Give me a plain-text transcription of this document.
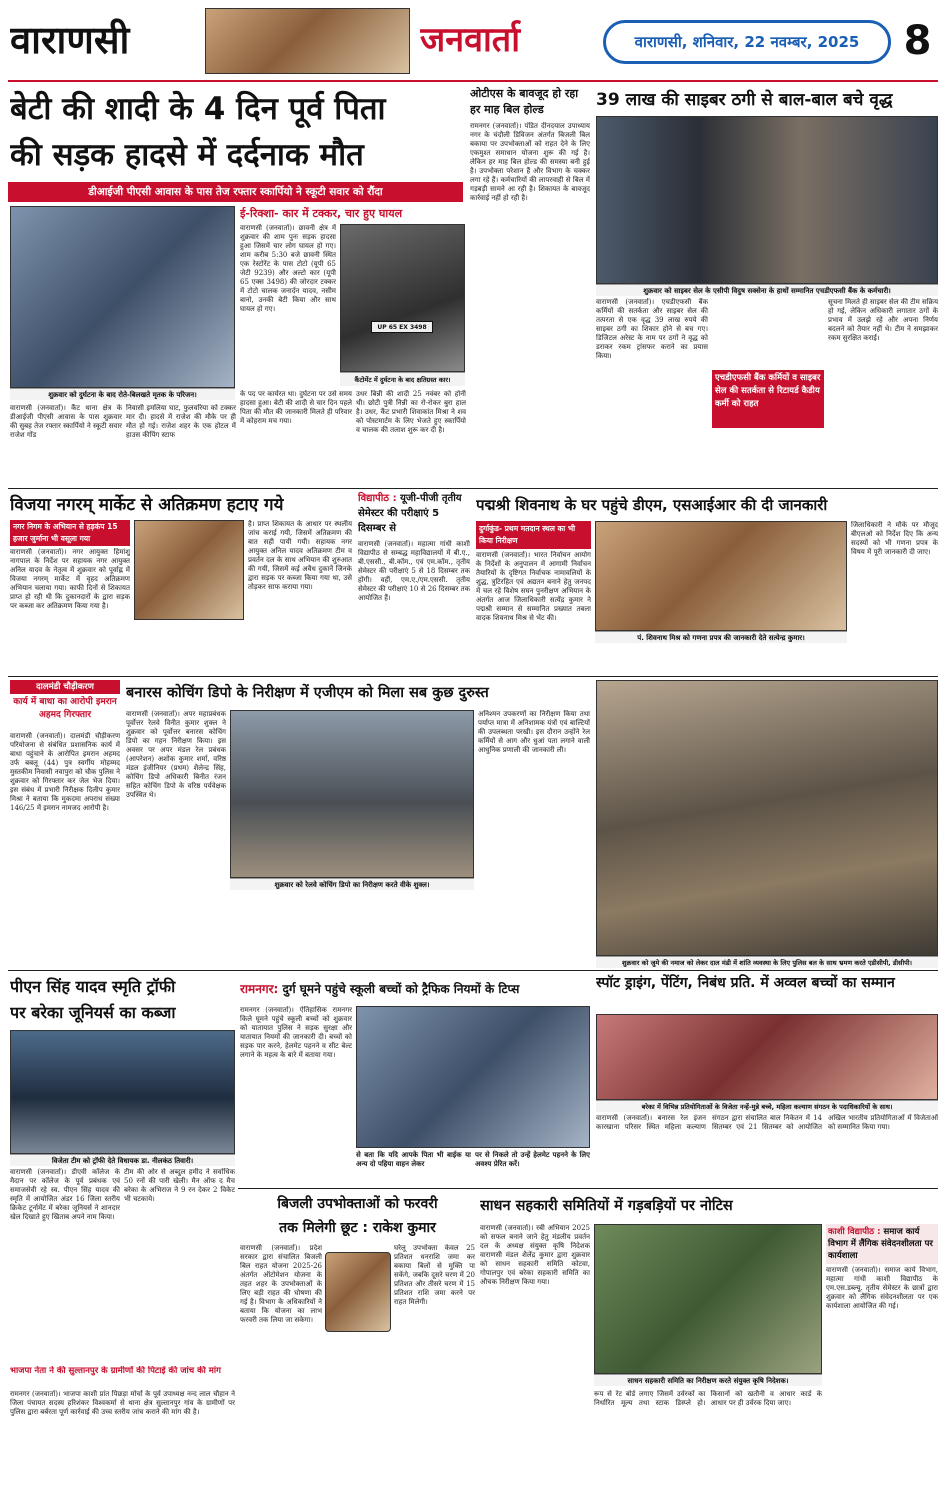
वाराणसी	जनवार्ता	वाराणसी, शनिवार, 22 नवम्बर, 2025	8
बेटी की शादी के 4 दिन पूर्व पिता
की सड़क हादसे में दर्दनाक मौत
डीआईजी पीएसी आवास के पास तेज रफ्तार स्कार्पियो ने स्कूटी सवार को रौंदा
शुक्रवार को दुर्घटना के बाद रोते-बिलखते मृतक के परिजन।
वाराणसी (जनवार्ता)। कैंट थाना क्षेत्र के डीआईजी पीएसी आवास के पास शुक्रवार की सुबह तेज रफ्तार स्कार्पियो ने स्कूटी सवार राजेश गोंड
निवासी इमलिया घाट, फुलवरिया को टक्कर मार दी। हादसे में राजेश की मौके पर ही मौत हो गई। राजेश शहर के एक होटल में हाउस कीपिंग स्टाफ
के पद पर कार्यरत था। दुर्घटना पर उसे समय हादसा हुआ। बेटी की शादी से चार दिन पहले पिता की मौत की जानकारी मिलते ही परिवार में कोहराम मच गया।
उधर बिन्नी की शादी 25 नवंबर को होनी थी। छोटी पुत्री निन्नी का रो-रोकर बुरा हाल है। उधर, कैंट प्रभारी शिवाकांत मिश्रा ने शव को पोस्टमार्टम के लिए भेजते हुए स्कार्पियो व चालक की तलाश शुरू कर दी है।
ई-रिक्शा- कार में टक्कर, चार हुए घायल
वाराणसी (जनवार्ता)। छावनी क्षेत्र में शुक्रवार की शाम पुनः सड़क हादसा हुआ जिसमें चार लोग घायल हो गए। शाम करीब 5:30 बजे छावनी स्थित एक रेस्टोरेंट के पास टोटो (यूपी 65 जेटी 9239) और अल्टो कार (यूपी 65 एक्स 3498) की जोरदार टक्कर में टोटो चालक जनार्दन यादव, नसीम बानो, उनकी बेटी किया और साथ घायल हो गए।
UP 65 EX 3498
कैंटोमेंट में दुर्घटना के बाद क्षतिग्रस्त कार।
ओटीएस के बावजूद हो रहा हर माह बिल होल्ड
रामनगर (जनवार्ता)। पंडित दीनदयाल उपाध्याय नगर के चंदौली डिविजन अंतर्गत बिजली बिल बकाया पर उपभोक्ताओं को राहत देने के लिए एकमुश्त समाधान योजना शुरू की गई है। लेकिन हर माह बिल होल्ड की समस्या बनी हुई है। उपभोक्ता परेशान हैं और विभाग के चक्कर लगा रहे हैं। कर्मचारियों की लापरवाही से बिल में गड़बड़ी सामने आ रही है। शिकायत के बावजूद कार्रवाई नहीं हो रही है।
39 लाख की साइबर ठगी से बाल-बाल बचे वृद्ध
शुक्रवार को साइबर सेल के एसीपी विदुष सक्सेना के हाथों सम्मानित एचडीएफसी बैंक के कर्मचारी।
वाराणसी (जनवार्ता)। एचडीएफसी बैंक कर्मियों की सतर्कता और साइबर सेल की तत्परता से एक वृद्ध 39 लाख रुपये की साइबर ठगी का शिकार होने से बच गए। डिजिटल अरेस्ट के नाम पर ठगों ने वृद्ध को डराकर रकम ट्रांसफर कराने का प्रयास किया।
एचडीएफसी बैंक कर्मियों व साइबर सेल की सतर्कता से रिटायर्ड कैडीय कर्मी को राहत
सूचना मिलते ही साइबर सेल की टीम सक्रिय हो गई, लेकिन अधिकारी लगातार ठगों के प्रभाव में उलझे रहे और अपना निर्णय बदलने को तैयार नहीं थे। टीम ने समझाकर रकम सुरक्षित कराई।
विजया नगरम् मार्केट से अतिक्रमण हटाए गये
नगर निगम के अभियान से हड़कंप 15 हजार जुर्माना भी वसूला गया
वाराणसी (जनवार्ता)। नगर आयुक्त हिमांशु नागपाल के निर्देश पर सहायक नगर आयुक्त अनिल यादव के नेतृत्व में शुक्रवार को पूर्वाह्न में विजया नगरम् मार्केट में वृहद अतिक्रमण अभियान चलाया गया। काफी दिनों से शिकायत प्राप्त हो रही थी कि दुकानदारों के द्वारा सड़क पर कब्जा कर अतिक्रमण किया गया है।
है। प्राप्त शिकायत के आधार पर स्थलीय जांच कराई गयी, जिसमें अतिक्रमण की बात सही पायी गयी। सहायक नगर आयुक्त अनिल यादव अतिक्रमण टीम व प्रवर्तन दल के साथ अभियान की शुरुआत की गयी, जिसमें कई अवैध दुकानें जिनके द्वारा सड़क पर कब्जा किया गया था, उसे तोड़कर साफ कराया गया।
विद्यापीठ : यूजी-पीजी तृतीय सेमेस्टर की परीक्षाएं 5 दिसम्बर से
वाराणसी (जनवार्ता)। महात्मा गांधी काशी विद्यापीठ से सम्बद्ध महाविद्यालयों में बी.ए., बी.एससी., बी.कॉम., एवं एम.कॉम., तृतीय सेमेस्टर की परीक्षाएं 5 से 18 दिसम्बर तक होंगी। वहीं, एम.ए./एम.एससी. तृतीय सेमेस्टर की परीक्षाएं 10 से 26 दिसम्बर तक आयोजित हैं।
पद्मश्री शिवनाथ के घर पहुंचे डीएम, एसआईआर की दी जानकारी
दुर्गाकुंड- प्रथम मतदान स्थल का भी किया निरीक्षण
वाराणसी (जनवार्ता)। भारत निर्वाचन आयोग के निर्देशों के अनुपालन में आगामी निर्वाचन तैयारियों के दृष्टिगत निर्वाचक नामावलियों के शुद्ध, त्रुटिरहित एवं अद्यतन बनाने हेतु जनपद में चल रहे विशेष सघन पुनरीक्षण अभियान के अंतर्गत आज जिलाधिकारी सत्येंद्र कुमार ने पद्मश्री सम्मान से सम्मानित प्रख्यात तबला वादक शिवनाथ मिश्र से भेंट की।
पं. शिवनाथ मिश्र को गणना प्रपत्र की जानकारी देते सत्येन्द्र कुमार।
जिलाधिकारी ने मौके पर मौजूद बीएलओ को निर्देश दिए कि अन्य सदस्यों को भी गणना प्रपत्र के विषय में पूरी जानकारी दी जाए।
दालमंडी चौड़ीकरण
कार्य में बाधा का आरोपी इमरान अहमद गिरफ्तार
वाराणसी (जनवार्ता)। दालमंडी चौड़ीकरण परियोजना से संबंधित प्रशासनिक कार्य में बाधा पहुंचाने के आरोपित इमरान अहमद उर्फ बबलू (44) पुत्र स्वर्गीय मोहम्मद मुस्तकीम निवासी नवापुरा को चौक पुलिस ने शुक्रवार को गिरफ्तार कर जेल भेज दिया। इस संबंध में प्रभारी निरीक्षक दिलीप कुमार मिश्रा ने बताया कि मुकदमा अपराध संख्या 146/25 में इमरान नामजद आरोपी है।
बनारस कोचिंग डिपो के निरीक्षण में एजीएम को मिला सब कुछ दुरुस्त
वाराणसी (जनवार्ता)। अपर महाप्रबंधक पूर्वोत्तर रेलवे विनीत कुमार शुक्ल ने शुक्रवार को पूर्वोत्तर बनारस कोचिंग डिपो का गहन निरीक्षण किया। इस अवसर पर अपर मंडल रेल प्रबंधक (आपरेशन) अशोक कुमार शर्मा, वरिष्ठ मंडल इंजीनियर (प्रथम) शैलेन्द्र सिंह, कोचिंग डिपो अधिकारी बिनीत रंजन सहित कोचिंग डिपो के वरिष्ठ पर्यवेक्षक उपस्थित थे।
शुक्रवार को रेलवे कोचिंग डिपो का निरीक्षण करते वीके शुक्ल।
अनिश्मन उपकरणों का निरीक्षण किया तथा पर्याप्त मात्रा में अनिशामक यंत्रों एवं बाल्टियों की उपलब्धता परखी। इस दौरान उन्होंने रेल कर्मियों से आग और धुआं पता लगाने वाली आधुनिक प्रणाली की जानकारी ली।
शुक्रवार को जुमे की नमाज को लेकर दाल मंडी में शांति व्यवस्था के लिए पुलिस बल के साथ भ्रमण करते एडीसीपी, डीसीपी।
पीएन सिंह यादव स्मृति ट्रॉफी
पर बरेका जूनियर्स का कब्जा
विजेता टीम को ट्रॉफी देते विधायक डा. नीलकंठ तिवारी।
वाराणसी (जनवार्ता)। डीएवी कॉलेज के मैदान पर कॉलेज के पूर्व प्रबंधक एवं समाजसेवी रहे स्व. पीएन सिंह यादव की स्मृति में आयोजित अंडर 16 जिला स्तरीय क्रिकेट टूर्नामेंट में बरेका जूनियर्स ने शानदार खेल दिखाते हुए खिताब अपने नाम किया।
टीम की ओर से अब्दुल हमीद ने सर्वाधिक 50 रनों की पारी खेली। मैन ऑफ द मैच बरेका के अभिराज ने 9 रन देकर 2 विकेट भी चटकाये।
रामनगर: दुर्ग घूमने पहुंचे स्कूली बच्चों को ट्रैफिक नियमों के टिप्स
रामनगर (जनवार्ता)। ऐतिहासिक रामनगर किले घूमने पहुंचे स्कूली बच्चों को शुक्रवार को यातायात पुलिस ने सड़क सुरक्षा और यातायात नियमों की जानकारी दी। बच्चों को सड़क पार करने, हेलमेट पहनने व सीट बेल्ट लगाने के महत्व के बारे में बताया गया।
से बता कि यदि आपके पिता भी बाईक या अन्य दो पहिया वाहन लेकर
पर से निकले तो उन्हें हेलमेट पहनने के लिए अवश्य प्रेरित करें।
स्पॉट ड्राइंग, पेंटिंग, निबंध प्रति. में अव्वल बच्चों का सम्मान
बरेका में विभिन्न प्रतियोगिताओं के विजेता नन्हें-मुन्ने बच्चे, महिला कल्याण संगठन के पदाधिकारियों के साथ।
वाराणसी (जनवार्ता)। बनारस रेल इंजन कारखाना परिसर स्थित महिला कल्याण संगठन द्वारा संचालित बाल निकेतन में 14 सितम्बर एवं 21 सितम्बर को आयोजित अखिल भारतीय प्रतियोगिताओं में विजेताओं को सम्मानित किया गया।
भाजपा नेता ने की सुल्तानपुर के ग्रामीणों की पिटाई की जांच की मांग
रामनगर (जनवार्ता)। भाजपा काशी प्रांत पिछड़ा मोर्चा के पूर्व उपाध्यक्ष नन्द लाल चौहान ने जिला पंचायत सदस्य हरिशंकर विश्वकर्मा से थाना क्षेत्र सुल्तानपुर गांव के ग्रामीणों पर पुलिस द्वारा बर्बरता पूर्ण कार्रवाई की उच्च स्तरीय जांच कराने की मांग की है।
बिजली उपभोक्ताओं को फरवरी
तक मिलेगी छूट : राकेश कुमार
वाराणसी (जनवार्ता)। प्रदेश सरकार द्वारा संचालित बिजली बिल राहत योजना 2025-26 अंतर्गत ऑटोमेशन योजना के तहत शहर के उपभोक्ताओं के लिए बड़ी राहत की घोषणा की गई है। विभाग के अधिकारियों ने बताया कि योजना का लाभ फरवरी तक लिया जा सकेगा।
घरेलू उपभोक्ता केवल 25 प्रतिशत धनराशि जमा कर बकाया बिलों से मुक्ति पा सकेंगे, जबकि दूसरे चरण में 20 प्रतिशत और तीसरे चरण में 15 प्रतिशत राशि जमा करने पर राहत मिलेगी।
साधन सहकारी समितियों में गड़बड़ियों पर नोटिस
वाराणसी (जनवार्ता)। रबी अभियान 2025 को सफल बनाने जाने हेतु मंडलीय प्रवर्तन दल के अध्यक्ष संयुक्त कृषि निदेशक वाराणसी मंडल शैलेंद्र कुमार द्वारा शुक्रवार को साधन सहकारी समिति कोटवा, गोपालपुर एवं बरेका सहकारी समिति का औचक निरीक्षण किया गया।
साधन सहकारी समिति का निरीक्षण करते संयुक्त कृषि निदेशक।
रूप से रेट बोर्ड लगाए जिसमें उर्वरकों का निर्धारित मूल्य तथा स्टाक डिस्प्ले हो। किसानों को खतौनी व आधार कार्ड के आधार पर ही उर्वरक दिया जाए।
काशी विद्यापीठ : समाज कार्य विभाग में लैंगिक संवेदनशीलता पर कार्यशाला
वाराणसी (जनवार्ता)। समाज कार्य विभाग, महात्मा गांधी काशी विद्यापीठ के एम.एस.डब्ल्यू. तृतीय सेमेस्टर के छात्रों द्वारा शुक्रवार को लैंगिक संवेदनशीलता पर एक कार्यशाला आयोजित की गई।
